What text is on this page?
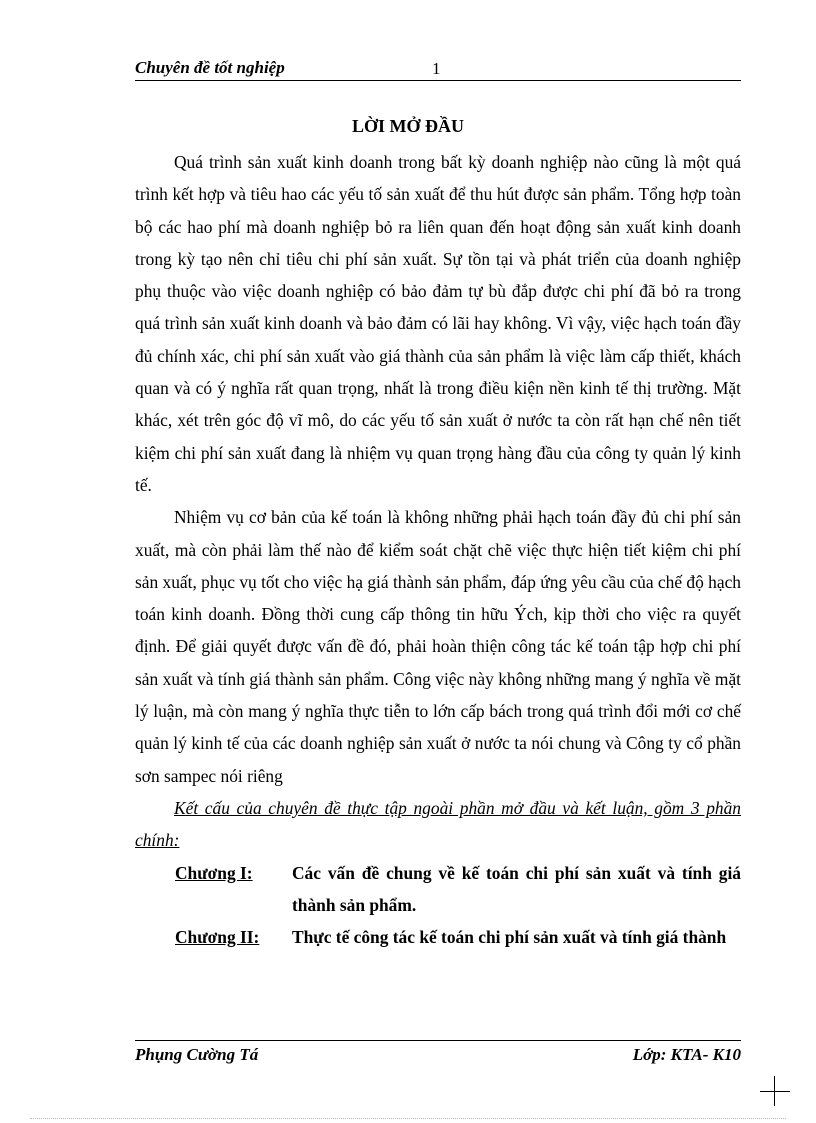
Chuyên đề tốt nghiệp	1
LỜI MỞ ĐẦU

Quá trình sản xuất kinh doanh trong bất kỳ doanh nghiệp nào cũng là một quá trình kết hợp và tiêu hao các yếu tố sản xuất để thu hút được sản phẩm. Tổng hợp toàn bộ các hao phí mà doanh nghiệp bỏ ra liên quan đến hoạt động sản xuất kinh doanh trong kỳ tạo nên chỉ tiêu chi phí sản xuất. Sự tồn tại và phát triển của doanh nghiệp phụ thuộc vào việc doanh nghiệp có bảo đảm tự bù đắp được chi phí đã bỏ ra trong quá trình sản xuất kinh doanh và bảo đảm có lãi hay không. Vì vậy, việc hạch toán đầy đủ chính xác, chi phí sản xuất vào giá thành của sản phẩm là việc làm cấp thiết, khách quan và có ý nghĩa rất quan trọng, nhất là trong điều kiện nền kinh tế thị trường. Mặt khác, xét trên góc độ vĩ mô, do các yếu tố sản xuất ở nước ta còn rất hạn chế nên tiết kiệm chi phí sản xuất đang là nhiệm vụ quan trọng hàng đầu của công ty quản lý kinh tế.

Nhiệm vụ cơ bản của kế toán là không những phải hạch toán đầy đủ chi phí sản xuất, mà còn phải làm thế nào để kiểm soát chặt chẽ việc thực hiện tiết kiệm chi phí sản xuất, phục vụ tốt cho việc hạ giá thành sản phẩm, đáp ứng yêu cầu của chế độ hạch toán kinh doanh. Đồng thời cung cấp thông tin hữu Ých, kịp thời cho việc ra quyết định. Để giải quyết được vấn đề đó, phải hoàn thiện công tác kế toán tập hợp chi phí sản xuất và tính giá thành sản phẩm. Công việc này không những mang ý nghĩa về mặt lý luận, mà còn mang ý nghĩa thực tiễn to lớn cấp bách trong quá trình đổi mới cơ chế quản lý kinh tế của các doanh nghiệp sản xuất ở nước ta nói chung và Công ty cổ phần sơn sampec nói riêng

Kết cấu của chuyên đề thực tập ngoài phần mở đầu và kết luận, gồm 3 phần chính:

Chương I: Các vấn đề chung về kế toán chi phí sản xuất và tính giá thành sản phẩm.
Chương II: Thực tế công tác kế toán chi phí sản xuất và tính giá thành
Phụng Cường Tá	Lớp: KTA- K10
